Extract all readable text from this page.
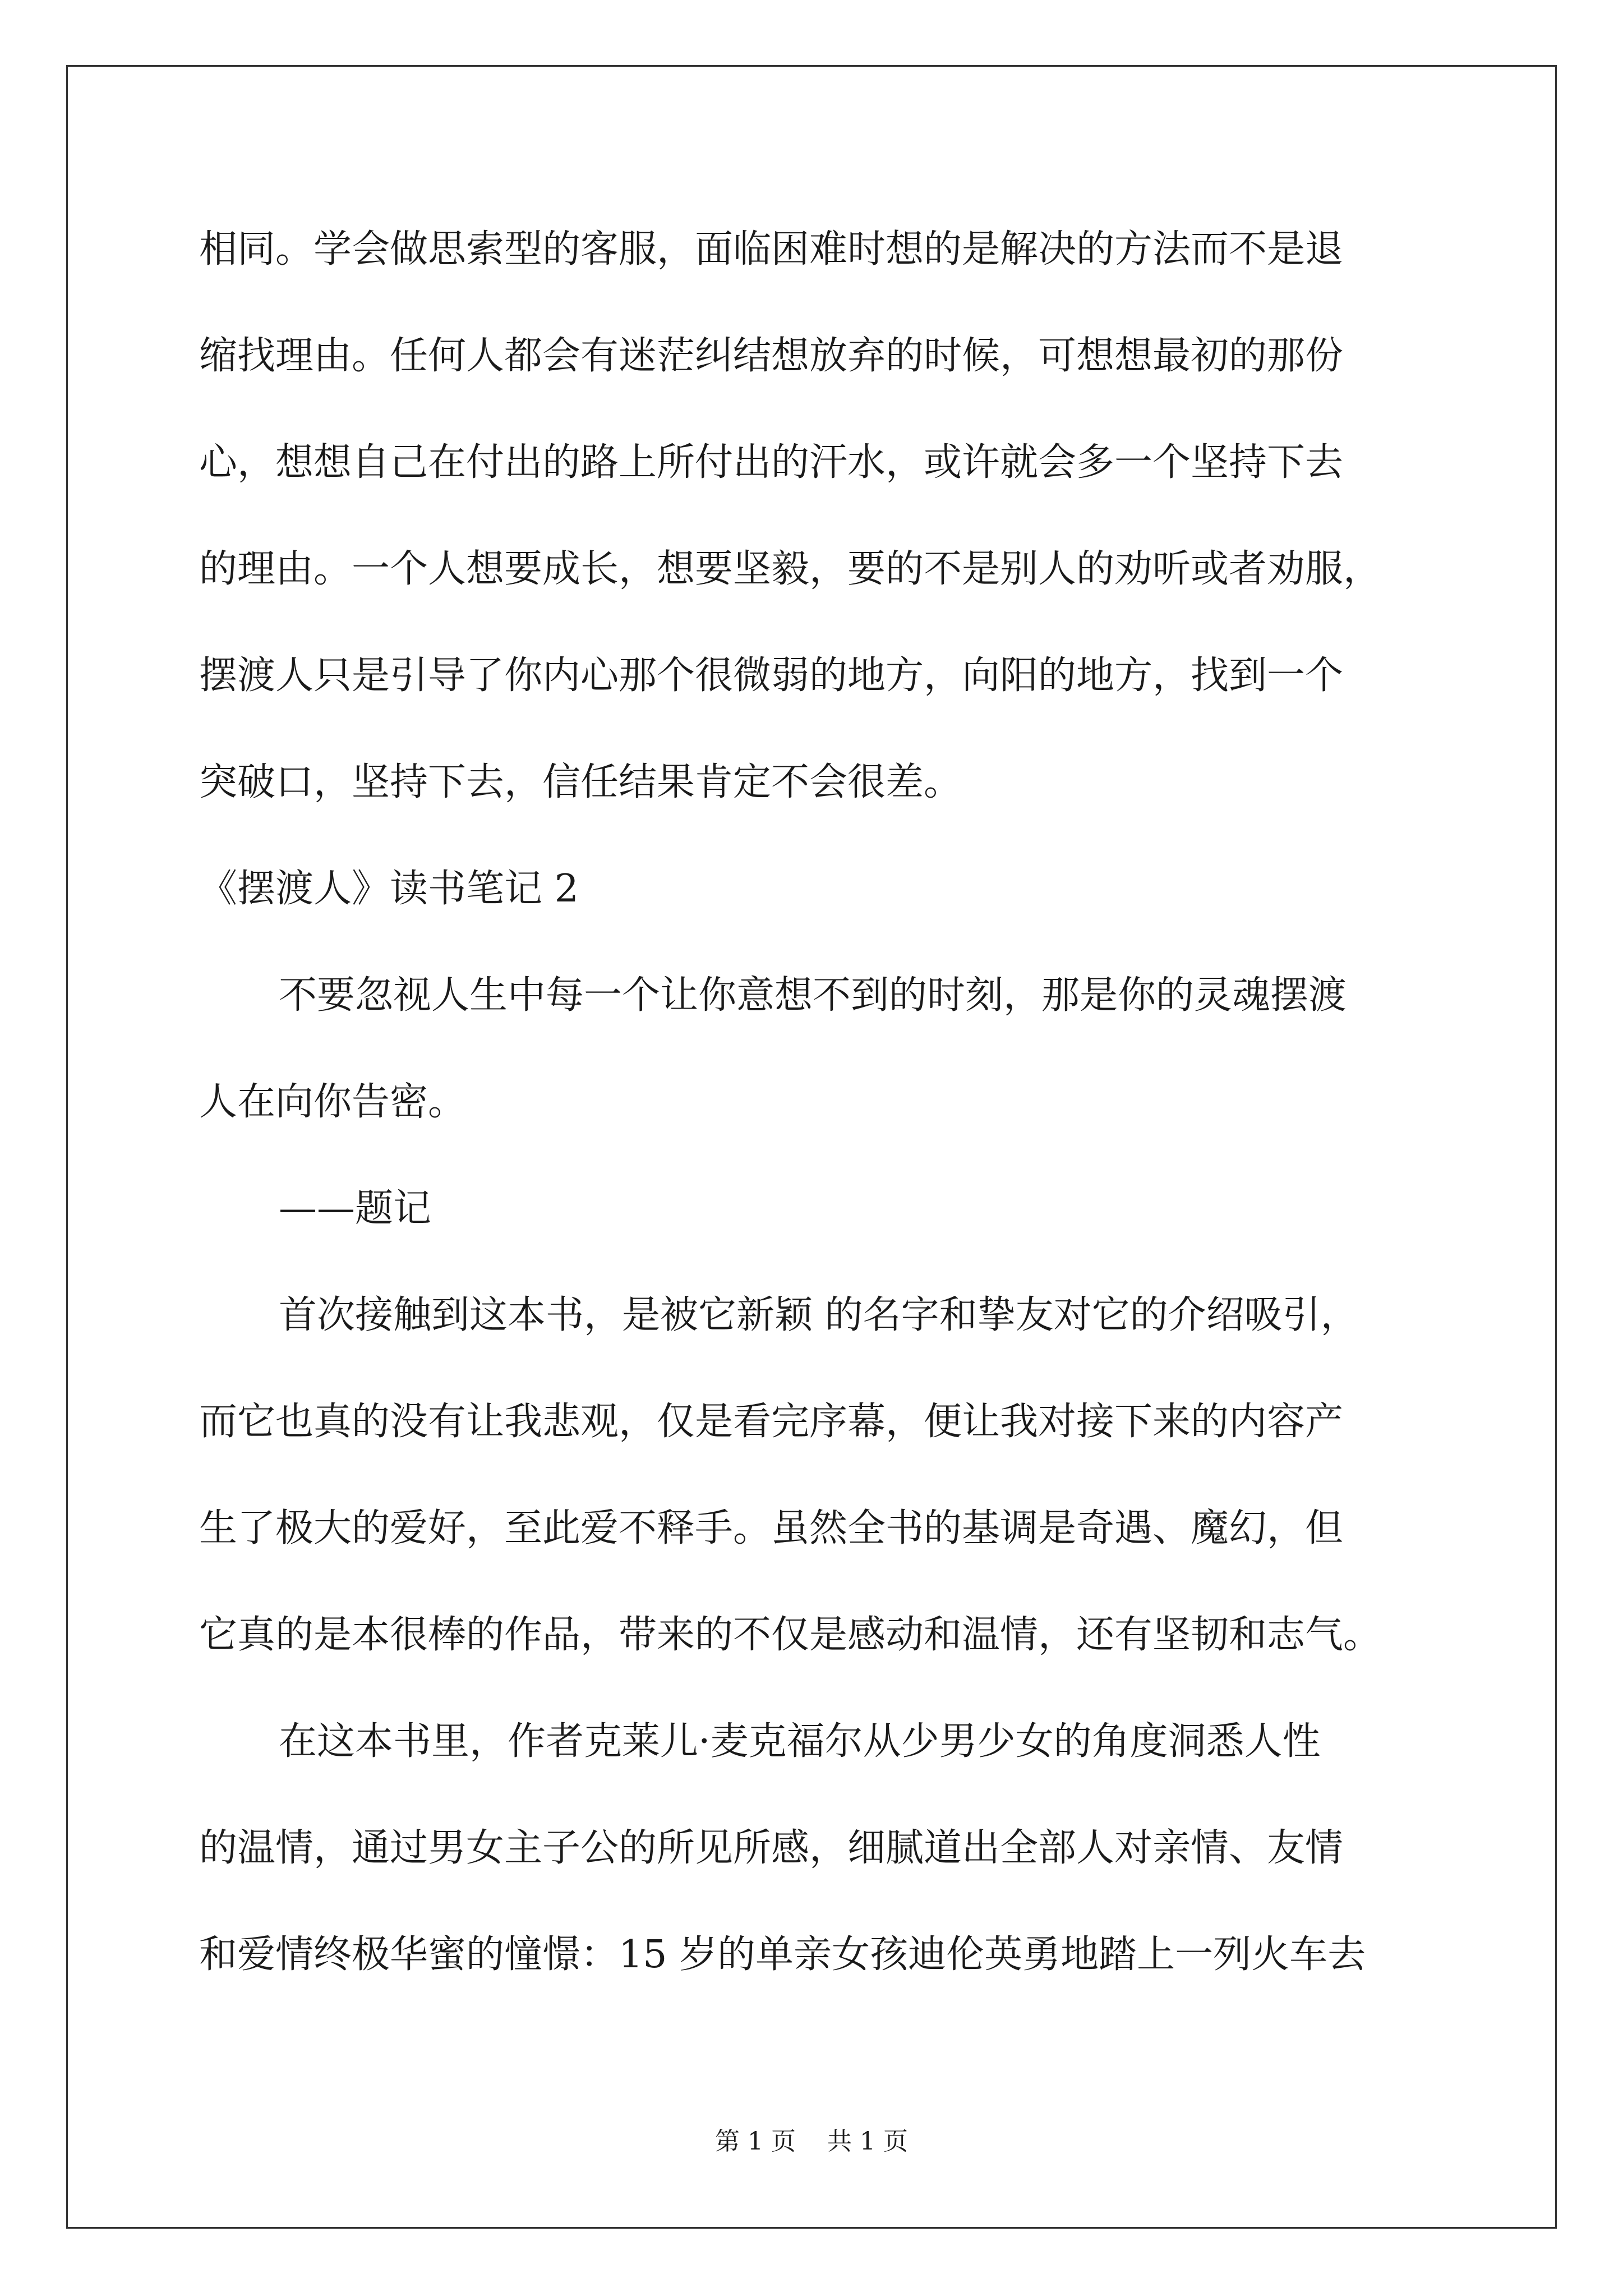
相同。学会做思索型的客服，面临困难时想的是解决的方法而不是退
缩找理由。任何人都会有迷茫纠结想放弃的时候，可想想最初的那份
心，想想自己在付出的路上所付出的汗水，或许就会多一个坚持下去
的理由。一个人想要成长，想要坚毅，要的不是别人的劝听或者劝服，
摆渡人只是引导了你内心那个很微弱的地方，向阳的地方，找到一个
突破口，坚持下去，信任结果肯定不会很差。
《摆渡人》读书笔记 2
不要忽视人生中每一个让你意想不到的时刻，那是你的灵魂摆渡
人在向你告密。
——题记
首次接触到这本书，是被它新颖 的名字和挚友对它的介绍吸引，
而它也真的没有让我悲观，仅是看完序幕，便让我对接下来的内容产
生了极大的爱好，至此爱不释手。虽然全书的基调是奇遇、魔幻，但
它真的是本很棒的作品，带来的不仅是感动和温情，还有坚韧和志气。
在这本书里，作者克莱儿·麦克福尔从少男少女的角度洞悉人性
的温情，通过男女主子公的所见所感，细腻道出全部人对亲情、友情
和爱情终极华蜜的憧憬：15 岁的单亲女孩迪伦英勇地踏上一列火车去
第 1 页 共 1 页
